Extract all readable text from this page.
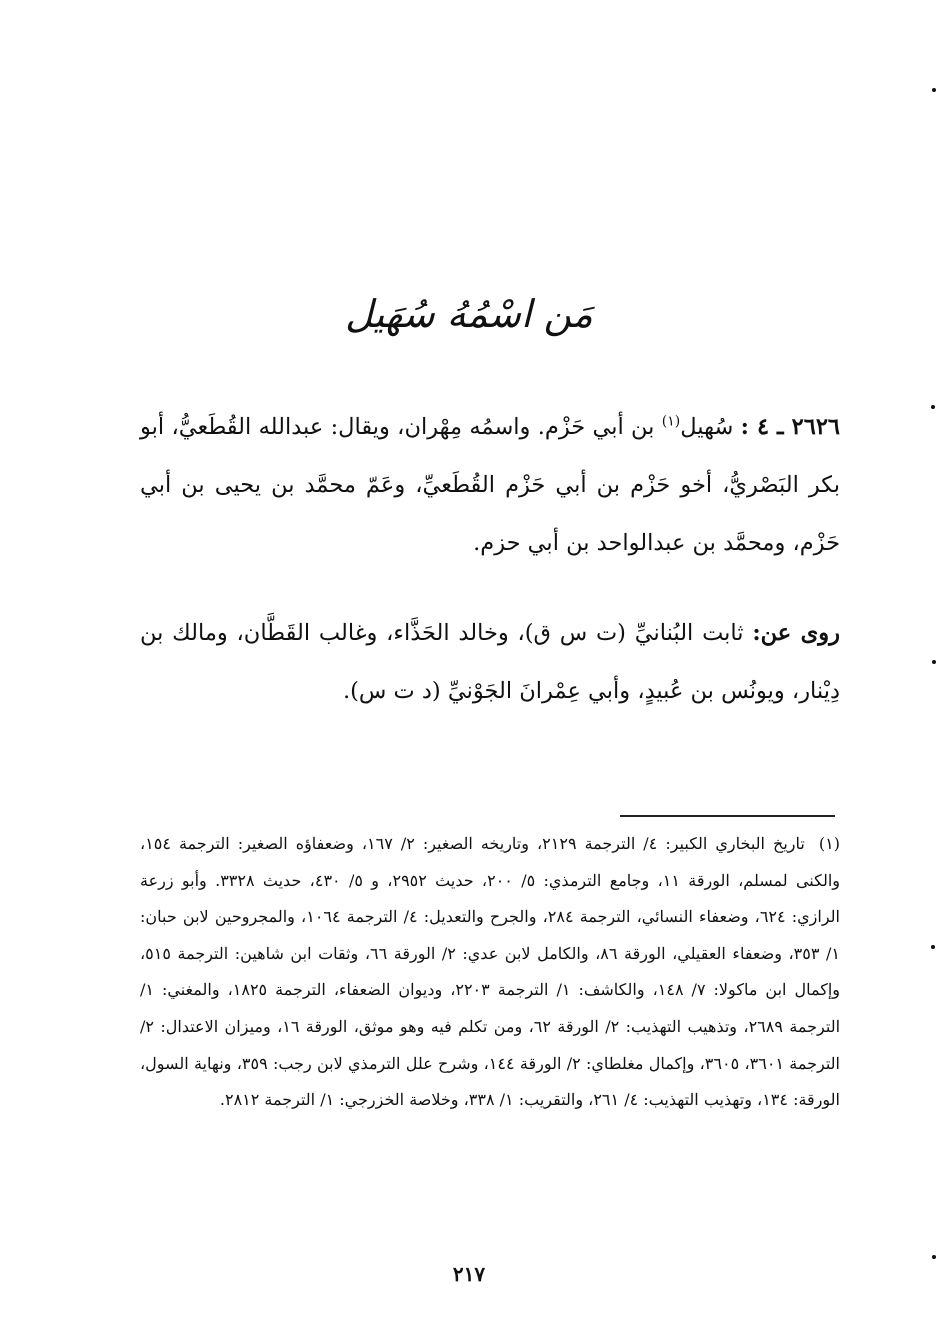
مَن اسْمُهُ سُهَيل
٢٦٢٦ ـ ٤ : سُهيل$^{(١)}$ بن أبي حَزْم. واسمُه مِهْران، ويقال: عبدالله القُطَعيُّ، أبو بكر البَصْريُّ، أخو حَزْم بن أبي حَزْم القُطَعيِّ، وعَمّ محمَّد بن يحيى بن أبي حَزْم، ومحمَّد بن عبدالواحد بن أبي حزم.
روى عن: ثابت البُنانيِّ (ت س ق)، وخالد الحَذَّاء، وغالب القَطَّان، ومالك بن دِيْنار، ويونُس بن عُبيدٍ، وأبي عِمْرانَ الجَوْنيِّ (د ت س).
(١) تاريخ البخاري الكبير: ٤/ الترجمة ٢١٢٩، وتاريخه الصغير: ٢/ ١٦٧، وضعفاؤه الصغير: الترجمة ١٥٤، والكنى لمسلم، الورقة ١١، وجامع الترمذي: ٥/ ٢٠٠، حديث ٢٩٥٢، و ٥/ ٤٣٠، حديث ٣٣٢٨. وأبو زرعة الرازي: ٦٢٤، وضعفاء النسائي، الترجمة ٢٨٤، والجرح والتعديل: ٤/ الترجمة ١٠٦٤، والمجروحين لابن حبان: ١/ ٣٥٣، وضعفاء العقيلي، الورقة ٨٦، والكامل لابن عدي: ٢/ الورقة ٦٦، وثقات ابن شاهين: الترجمة ٥١٥، وإكمال ابن ماكولا: ٧/ ١٤٨، والكاشف: ١/ الترجمة ٢٢٠٣، وديوان الضعفاء، الترجمة ١٨٢٥، والمغني: ١/ الترجمة ٢٦٨٩، وتذهيب التهذيب: ٢/ الورقة ٦٢، ومن تكلم فيه وهو موثق، الورقة ١٦، وميزان الاعتدال: ٢/ الترجمة ٣٦٠١، ٣٦٠٥، وإكمال مغلطاي: ٢/ الورقة ١٤٤، وشرح علل الترمذي لابن رجب: ٣٥٩، ونهاية السول، الورقة: ١٣٤، وتهذيب التهذيب: ٤/ ٢٦١، والتقريب: ١/ ٣٣٨، وخلاصة الخزرجي: ١/ الترجمة ٢٨١٢.
٢١٧
